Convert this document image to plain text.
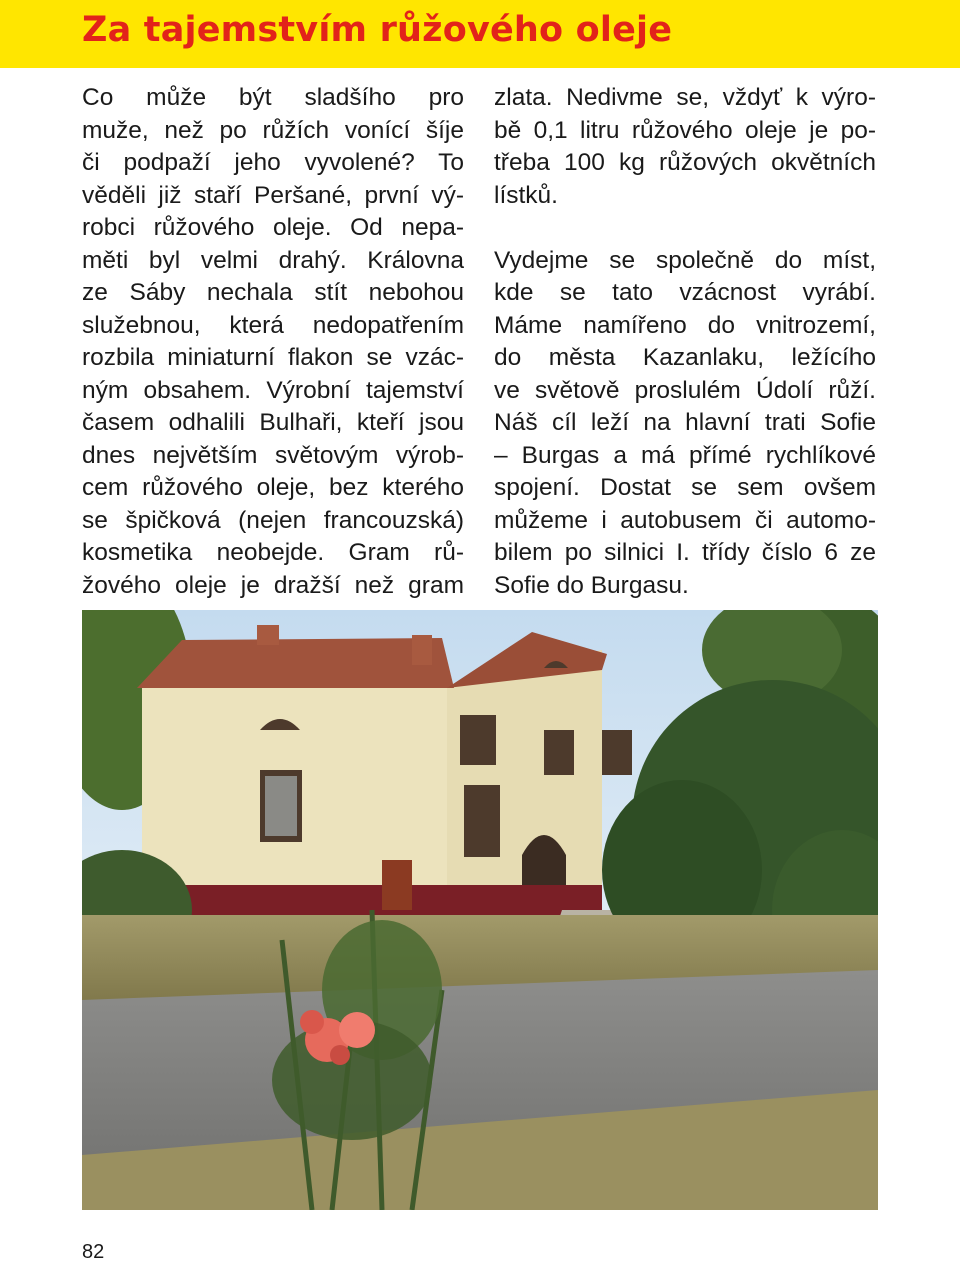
Za tajemstvím růžového oleje
Co může být sladšího pro
muže, než po růžích vonící šíje
či podpaží jeho vyvolené? To
věděli již staří Peršané, první vý-
robci růžového oleje. Od nepa-
měti byl velmi drahý. Královna
ze Sáby nechala stít nebohou
služebnou, která nedopatřením
rozbila miniaturní flakon se vzác-
ným obsahem. Výrobní tajemství
časem odhalili Bulhaři, kteří jsou
dnes největším světovým výrob-
cem růžového oleje, bez kterého
se špičková (nejen francouzská)
kosmetika neobejde. Gram rů-
žového oleje je dražší než gram
zlata. Nedivme se, vždyť k výro-
bě 0,1 litru růžového oleje je po-
třeba 100 kg růžových okvětních
lístků.
Vydejme se společně do míst,
kde se tato vzácnost vyrábí.
Máme namířeno do vnitrozemí,
do města Kazanlaku, ležícího
ve světově proslulém Údolí růží.
Náš cíl leží na hlavní trati Sofie
– Burgas a má přímé rychlíkové
spojení. Dostat se sem ovšem
můžeme i autobusem či automo-
bilem po silnici I. třídy číslo 6 ze
Sofie do Burgasu.
82
